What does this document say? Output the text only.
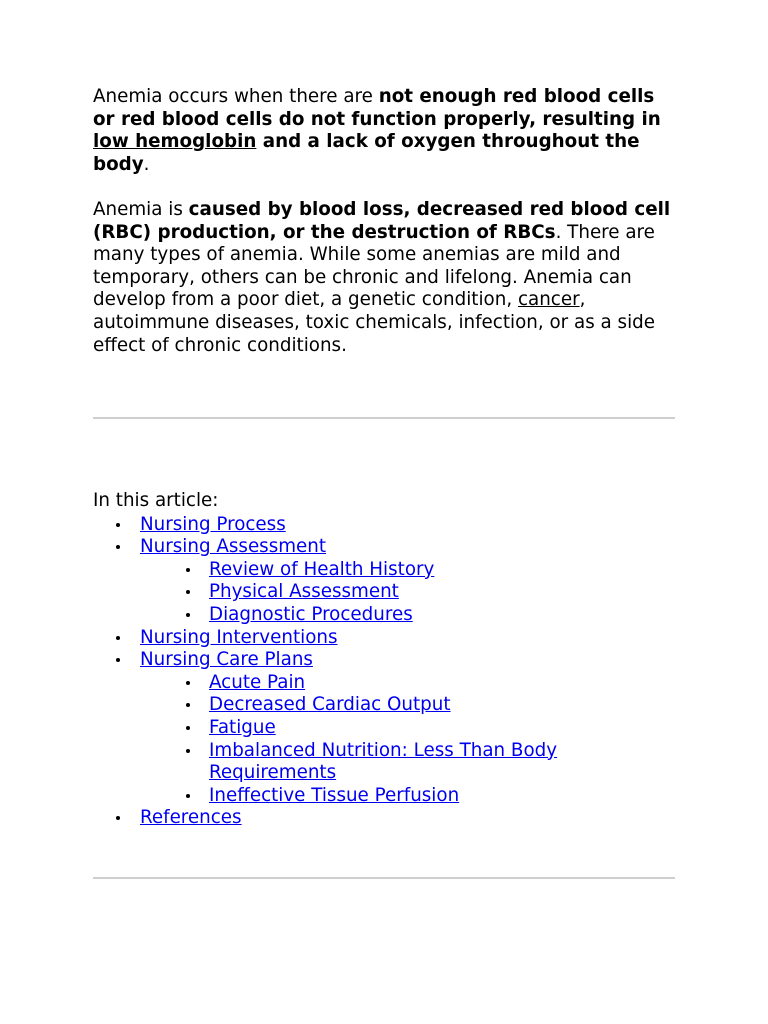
Anemia occurs when there are not enough red blood cells or red blood cells do not function properly, resulting in low hemoglobin and a lack of oxygen throughout the body.

Anemia is caused by blood loss, decreased red blood cell (RBC) production, or the destruction of RBCs. There are many types of anemia. While some anemias are mild and temporary, others can be chronic and lifelong. Anemia can develop from a poor diet, a genetic condition, cancer, autoimmune diseases, toxic chemicals, infection, or as a side effect of chronic conditions.

In this article:
Nursing Process
Nursing Assessment
Review of Health History
Physical Assessment
Diagnostic Procedures
Nursing Interventions
Nursing Care Plans
Acute Pain
Decreased Cardiac Output
Fatigue
Imbalanced Nutrition: Less Than Body Requirements
Ineffective Tissue Perfusion
References
